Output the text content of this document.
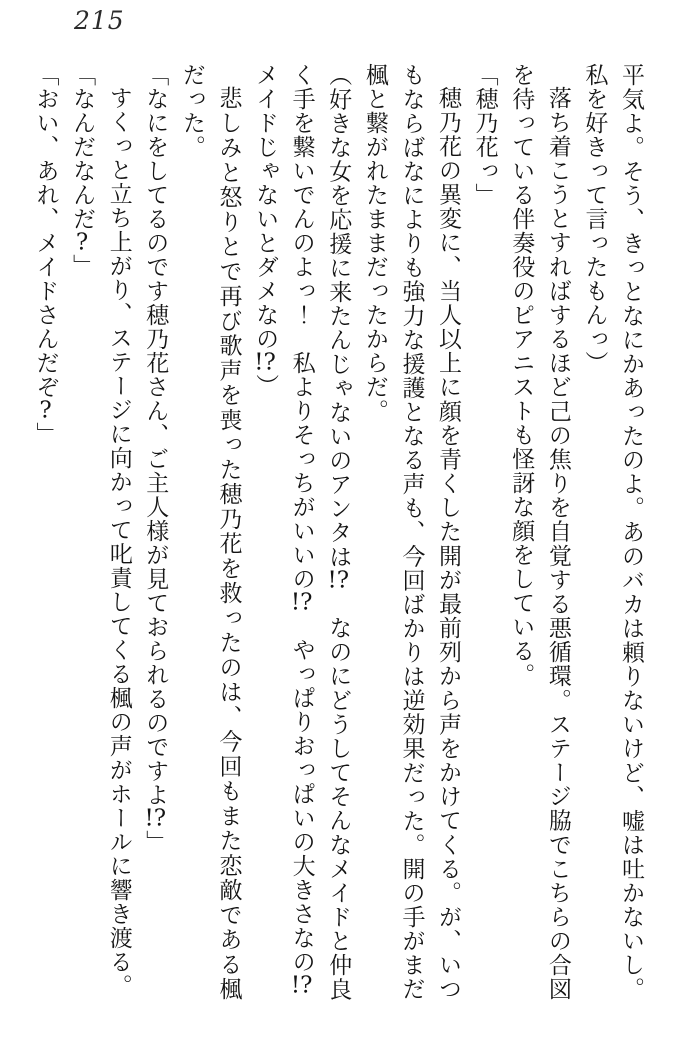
215

平気よ。そう、きっとなにかあったのよ。あのバカは頼りないけど、嘘は吐かないし。私を好きって言ったもんっ）

落ち着こうとすればするほど己の焦りを自覚する悪循環。ステージ脇でこちらの合図を待っている伴奏役のピアニストも怪訝な顔をしている。

「穂乃花っ」

穂乃花の異変に、当人以上に顔を青くした開が最前列から声をかけてくる。が、いつもならばなによりも強力な援護となる声も、今回ばかりは逆効果だった。開の手がまだ楓と繋がれたままだったからだ。

（好きな女を応援に来たんじゃないのアンタは!?　なのにどうしてそんなメイドと仲良く手を繋いでんのよっ！　私よりそっちがいいの!?　やっぱりおっぱいの大きさなの!?　メイドじゃないとダメなの!?）

悲しみと怒りとで再び歌声を喪った穂乃花を救ったのは、今回もまた恋敵である楓だった。

「なにをしてるのです穂乃花さん、ご主人様が見ておられるのですよ!?」

すくっと立ち上がり、ステージに向かって叱責してくる楓の声がホールに響き渡る。

「なんだなんだ?」

「おい、あれ、メイドさんだぞ?」
